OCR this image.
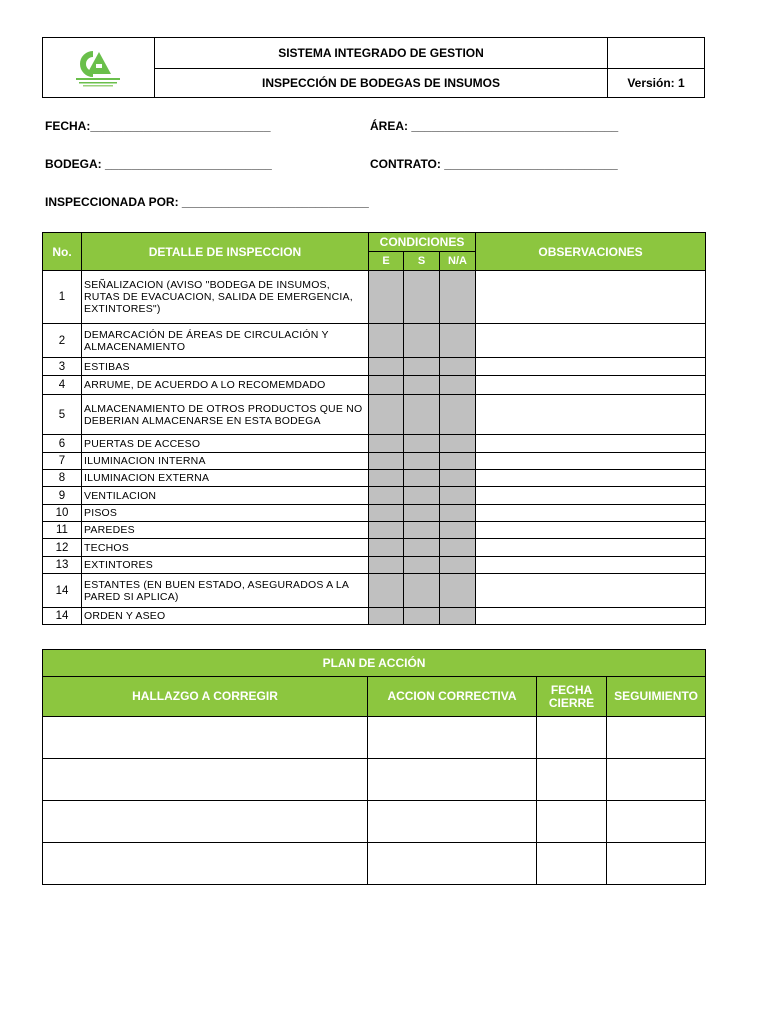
	SISTEMA INTEGRADO DE GESTION	
	INSPECCIÓN DE BODEGAS DE INSUMOS	Versión: 1
FECHA:___________________________	ÁREA: _______________________________
BODEGA: _________________________	CONTRATO: __________________________
INSPECCIONADA POR: ____________________________
No.	DETALLE DE INSPECCION	CONDICIONES			OBSERVACIONES
		E	S	N/A	
1	SEÑALIZACION (AVISO "BODEGA DE INSUMOS, RUTAS DE EVACUACION, SALIDA DE EMERGENCIA, EXTINTORES")				
2	DEMARCACIÓN DE ÁREAS DE CIRCULACIÓN Y ALMACENAMIENTO				
3	ESTIBAS				
4	ARRUME, DE ACUERDO A LO RECOMEMDADO				
5	ALMACENAMIENTO DE OTROS PRODUCTOS QUE NO DEBERIAN ALMACENARSE EN ESTA BODEGA				
6	PUERTAS DE ACCESO				
7	ILUMINACION INTERNA				
8	ILUMINACION EXTERNA				
9	VENTILACION				
10	PISOS				
11	PAREDES				
12	TECHOS				
13	EXTINTORES				
14	ESTANTES (EN BUEN ESTADO, ASEGURADOS A LA PARED SI APLICA)				
14	ORDEN Y ASEO				
PLAN DE ACCIÓN			
HALLAZGO A CORREGIR	ACCION CORRECTIVA	FECHA CIERRE	SEGUIMIENTO
